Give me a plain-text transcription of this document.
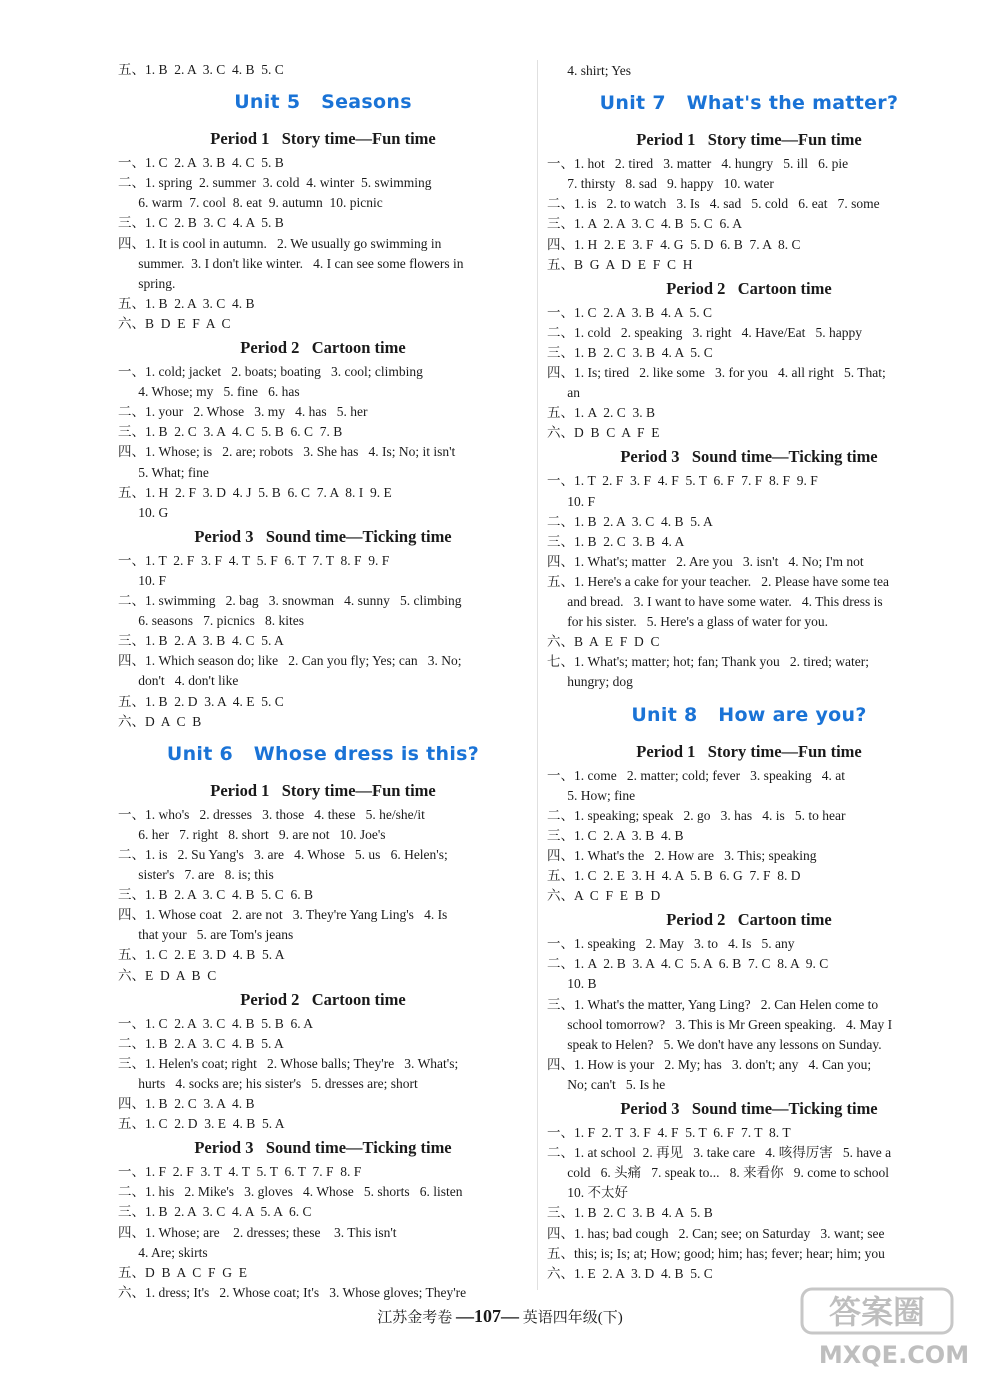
五、1. B  2. A  3. C  4. B  5. C
Unit 5   Seasons
Period 1   Story time—Fun time
一、1. C  2. A  3. B  4. C  5. B
二、1. spring  2. summer  3. cold  4. winter  5. swimming
6. warm  7. cool  8. eat  9. autumn  10. picnic
三、1. C  2. B  3. C  4. A  5. B
四、1. It is cool in autumn.   2. We usually go swimming in
summer.  3. I don't like winter.   4. I can see some flowers in
spring.
五、1. B  2. A  3. C  4. B
六、B  D  E  F  A  C
Period 2   Cartoon time
一、1. cold; jacket   2. boats; boating   3. cool; climbing
4. Whose; my   5. fine   6. has
二、1. your   2. Whose   3. my   4. has   5. her
三、1. B  2. C  3. A  4. C  5. B  6. C  7. B
四、1. Whose; is   2. are; robots   3. She has   4. Is; No; it isn't
5. What; fine
五、1. H  2. F  3. D  4. J  5. B  6. C  7. A  8. I  9. E
10. G
Period 3   Sound time—Ticking time
一、1. T  2. F  3. F  4. T  5. F  6. T  7. T  8. F  9. F
10. F
二、1. swimming   2. bag   3. snowman   4. sunny   5. climbing
6. seasons   7. picnics   8. kites
三、1. B  2. A  3. B  4. C  5. A
四、1. Which season do; like   2. Can you fly; Yes; can   3. No;
don't   4. don't like
五、1. B  2. D  3. A  4. E  5. C
六、D  A  C  B
Unit 6   Whose dress is this?
Period 1   Story time—Fun time
一、1. who's   2. dresses   3. those   4. these   5. he/she/it
6. her   7. right   8. short   9. are not   10. Joe's
二、1. is   2. Su Yang's   3. are   4. Whose   5. us   6. Helen's;
sister's   7. are   8. is; this
三、1. B  2. A  3. C  4. B  5. C  6. B
四、1. Whose coat   2. are not   3. They're Yang Ling's   4. Is
that your   5. are Tom's jeans
五、1. C  2. E  3. D  4. B  5. A
六、E  D  A  B  C
Period 2   Cartoon time
一、1. C  2. A  3. C  4. B  5. B  6. A
二、1. B  2. A  3. C  4. B  5. A
三、1. Helen's coat; right   2. Whose balls; They're   3. What's;
hurts   4. socks are; his sister's   5. dresses are; short
四、1. B  2. C  3. A  4. B
五、1. C  2. D  3. E  4. B  5. A
Period 3   Sound time—Ticking time
一、1. F  2. F  3. T  4. T  5. T  6. T  7. F  8. F
二、1. his   2. Mike's   3. gloves   4. Whose   5. shorts   6. listen
三、1. B  2. A  3. C  4. A  5. A  6. C
四、1. Whose; are    2. dresses; these    3. This isn't
4. Are; skirts
五、D  B  A  C  F  G  E
六、1. dress; It's   2. Whose coat; It's   3. Whose gloves; They're
4. shirt; Yes
Unit 7   What's the matter?
Period 1   Story time—Fun time
一、1. hot   2. tired   3. matter   4. hungry   5. ill   6. pie
7. thirsty   8. sad   9. happy   10. water
二、1. is   2. to watch   3. Is   4. sad   5. cold   6. eat   7. some
三、1. A  2. A  3. C  4. B  5. C  6. A
四、1. H  2. E  3. F  4. G  5. D  6. B  7. A  8. C
五、B  G  A  D  E  F  C  H
Period 2   Cartoon time
一、1. C  2. A  3. B  4. A  5. C
二、1. cold   2. speaking   3. right   4. Have/Eat   5. happy
三、1. B  2. C  3. B  4. A  5. C
四、1. Is; tired   2. like some   3. for you   4. all right   5. That;
an
五、1. A  2. C  3. B
六、D  B  C  A  F  E
Period 3   Sound time—Ticking time
一、1. T  2. F  3. F  4. F  5. T  6. F  7. F  8. F  9. F
10. F
二、1. B  2. A  3. C  4. B  5. A
三、1. B  2. C  3. B  4. A
四、1. What's; matter   2. Are you   3. isn't   4. No; I'm not
五、1. Here's a cake for your teacher.   2. Please have some tea
and bread.   3. I want to have some water.   4. This dress is
for his sister.   5. Here's a glass of water for you.
六、B  A  E  F  D  C
七、1. What's; matter; hot; fan; Thank you   2. tired; water;
hungry; dog
Unit 8   How are you?
Period 1   Story time—Fun time
一、1. come   2. matter; cold; fever   3. speaking   4. at
5. How; fine
二、1. speaking; speak   2. go   3. has   4. is   5. to hear
三、1. C  2. A  3. B  4. B
四、1. What's the   2. How are   3. This; speaking
五、1. C  2. E  3. H  4. A  5. B  6. G  7. F  8. D
六、A  C  F  E  B  D
Period 2   Cartoon time
一、1. speaking   2. May   3. to   4. Is   5. any
二、1. A  2. B  3. A  4. C  5. A  6. B  7. C  8. A  9. C
10. B
三、1. What's the matter, Yang Ling?   2. Can Helen come to
school tomorrow?   3. This is Mr Green speaking.   4. May I
speak to Helen?   5. We don't have any lessons on Sunday.
四、1. How is your   2. My; has   3. don't; any   4. Can you;
No; can't   5. Is he
Period 3   Sound time—Ticking time
一、1. F  2. T  3. F  4. F  5. T  6. F  7. T  8. T
二、1. at school  2. 再见   3. take care   4. 咳得厉害   5. have a
cold   6. 头痛   7. speak to...   8. 来看你   9. come to school
10. 不太好
三、1. B  2. C  3. B  4. A  5. B
四、1. has; bad cough   2. Can; see; on Saturday   3. want; see
五、this; is; Is; at; How; good; him; has; fever; hear; him; you
六、1. E  2. A  3. D  4. B  5. C
江苏金考卷 —107— 英语四年级(下)	答案圈
MXQE.COM
